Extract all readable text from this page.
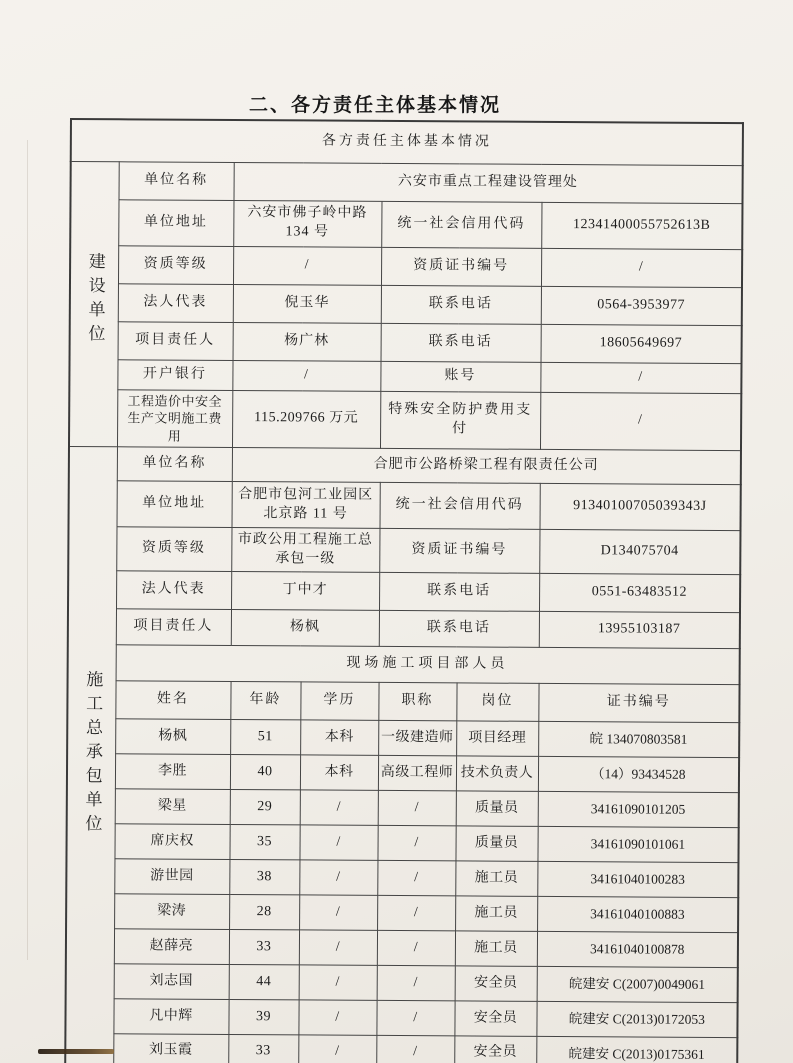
二、各方责任主体基本情况
各方责任主体基本情况						
建设单位	单位名称	六安市重点工程建设管理处				
	单位地址	六安市佛子岭中路 134 号		统一社会信用代码		12341400055752613B
	资质等级	/		资质证书编号		/
	法人代表	倪玉华		联系电话		0564-3953977
	项目责任人	杨广林		联系电话		18605649697
	开户银行	/		账号		/
	工程造价中安全生产文明施工费用	115.209766 万元		特殊安全防护费用支付		/
施工总承包单位	单位名称	合肥市公路桥梁工程有限责任公司				
	单位地址	合肥市包河工业园区北京路 11 号		统一社会信用代码		91340100705039343J
	资质等级	市政公用工程施工总承包一级		资质证书编号		D134075704
	法人代表	丁中才		联系电话		0551-63483512
	项目责任人	杨枫		联系电话		13955103187
	现场施工项目部人员					
	姓名	年龄	学历	职称	岗位	证书编号
	杨枫	51	本科	一级建造师	项目经理	皖 134070803581
	李胜	40	本科	高级工程师	技术负责人	（14）93434528
	梁星	29	/	/	质量员	34161090101205
	席庆权	35	/	/	质量员	34161090101061
	游世园	38	/	/	施工员	34161040100283
	梁涛	28	/	/	施工员	34161040100883
	赵薛亮	33	/	/	施工员	34161040100878
	刘志国	44	/	/	安全员	皖建安 C(2007)0049061
	凡中辉	39	/	/	安全员	皖建安 C(2013)0172053
	刘玉霞	33	/	/	安全员	皖建安 C(2013)0175361
